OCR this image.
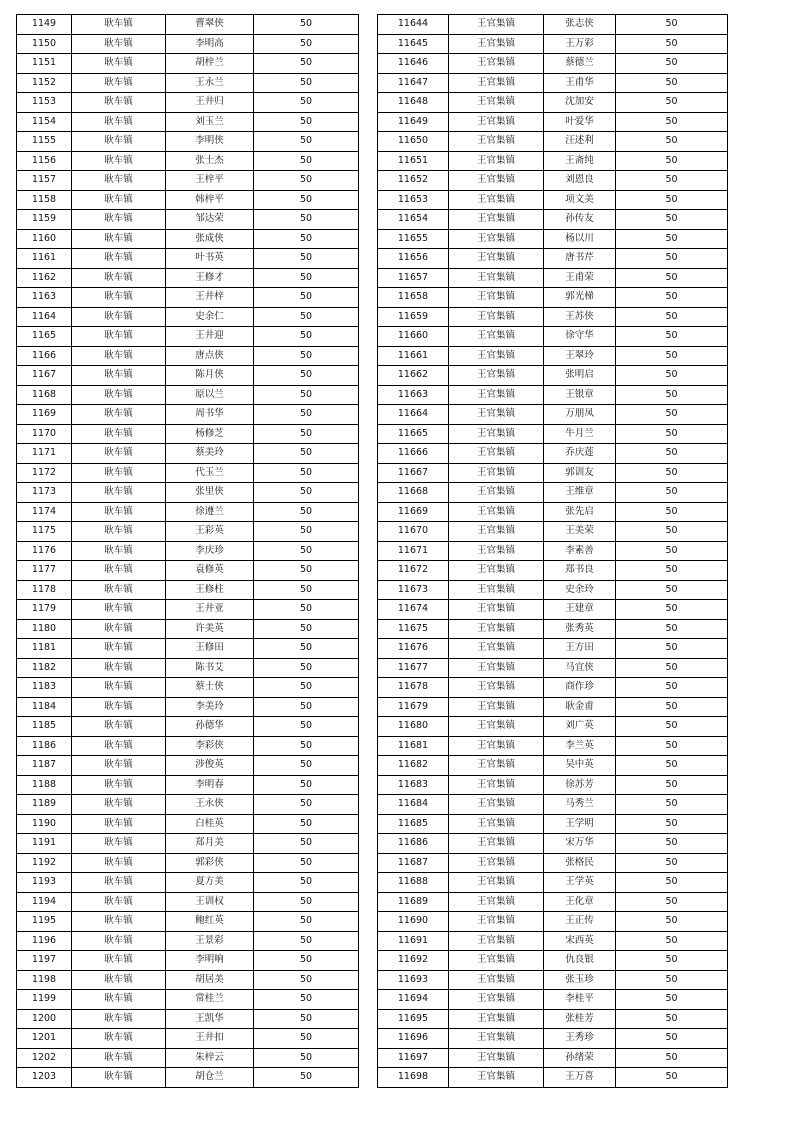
1149	耿车镇	曹翠侠	50
1150	耿车镇	李明高	50
1151	耿车镇	胡梓兰	50
1152	耿车镇	王永兰	50
1153	耿车镇	王井归	50
1154	耿车镇	刘玉兰	50
1155	耿车镇	李明侠	50
1156	耿车镇	张士杰	50
1157	耿车镇	王梓平	50
1158	耿车镇	韩梓平	50
1159	耿车镇	邹达荣	50
1160	耿车镇	张成侠	50
1161	耿车镇	叶书英	50
1162	耿车镇	王修才	50
1163	耿车镇	王井梓	50
1164	耿车镇	史余仁	50
1165	耿车镇	王井迎	50
1166	耿车镇	唐点侠	50
1167	耿车镇	陈月侠	50
1168	耿车镇	原以兰	50
1169	耿车镇	周书华	50
1170	耿车镇	杨修芝	50
1171	耿车镇	蔡美玲	50
1172	耿车镇	代玉兰	50
1173	耿车镇	张里侠	50
1174	耿车镇	徐遵兰	50
1175	耿车镇	王彩英	50
1176	耿车镇	李庆珍	50
1177	耿车镇	袁修英	50
1178	耿车镇	王修柱	50
1179	耿车镇	王井亚	50
1180	耿车镇	许美英	50
1181	耿车镇	王修田	50
1182	耿车镇	陈书艾	50
1183	耿车镇	蔡士侠	50
1184	耿车镇	李美玲	50
1185	耿车镇	孙德华	50
1186	耿车镇	李彩侠	50
1187	耿车镇	涉俊英	50
1188	耿车镇	李明春	50
1189	耿车镇	王永侠	50
1190	耿车镇	白桂英	50
1191	耿车镇	郑月美	50
1192	耿车镇	郭彩侠	50
1193	耿车镇	夏方美	50
1194	耿车镇	王训权	50
1195	耿车镇	鲍红英	50
1196	耿车镇	王景彩	50
1197	耿车镇	李明响	50
1198	耿车镇	胡居美	50
1199	耿车镇	常桂兰	50
1200	耿车镇	王凯华	50
1201	耿车镇	王井扣	50
1202	耿车镇	朱梓云	50
1203	耿车镇	胡仓兰	50
11644	王官集镇	张志侠	50
11645	王官集镇	王万彩	50
11646	王官集镇	蔡德兰	50
11647	王官集镇	王甫华	50
11648	王官集镇	沈加安	50
11649	王官集镇	叶爱华	50
11650	王官集镇	汪述利	50
11651	王官集镇	王斋纯	50
11652	王官集镇	刘恩良	50
11653	王官集镇	项文美	50
11654	王官集镇	孙传友	50
11655	王官集镇	杨以川	50
11656	王官集镇	唐书芹	50
11657	王官集镇	王甫荣	50
11658	王官集镇	郭光梯	50
11659	王官集镇	王苏侠	50
11660	王官集镇	徐守华	50
11661	王官集镇	王翠玲	50
11662	王官集镇	张明启	50
11663	王官集镇	王银章	50
11664	王官集镇	万朋凤	50
11665	王官集镇	牛月兰	50
11666	王官集镇	乔庆莲	50
11667	王官集镇	郭训友	50
11668	王官集镇	王维章	50
11669	王官集镇	张先启	50
11670	王官集镇	王美荣	50
11671	王官集镇	李素善	50
11672	王官集镇	郑书良	50
11673	王官集镇	史余玲	50
11674	王官集镇	王建章	50
11675	王官集镇	张秀英	50
11676	王官集镇	王方田	50
11677	王官集镇	马宜侠	50
11678	王官集镇	商作珍	50
11679	王官集镇	耿金甫	50
11680	王官集镇	刘广英	50
11681	王官集镇	李兰英	50
11682	王官集镇	吴中英	50
11683	王官集镇	徐苏芳	50
11684	王官集镇	马秀兰	50
11685	王官集镇	王学明	50
11686	王官集镇	宋万华	50
11687	王官集镇	张格民	50
11688	王官集镇	王学英	50
11689	王官集镇	王化章	50
11690	王官集镇	王正传	50
11691	王官集镇	宋西英	50
11692	王官集镇	仇良银	50
11693	王官集镇	张玉珍	50
11694	王官集镇	李桂平	50
11695	王官集镇	张桂芳	50
11696	王官集镇	王秀珍	50
11697	王官集镇	孙绪荣	50
11698	王官集镇	王万喜	50
